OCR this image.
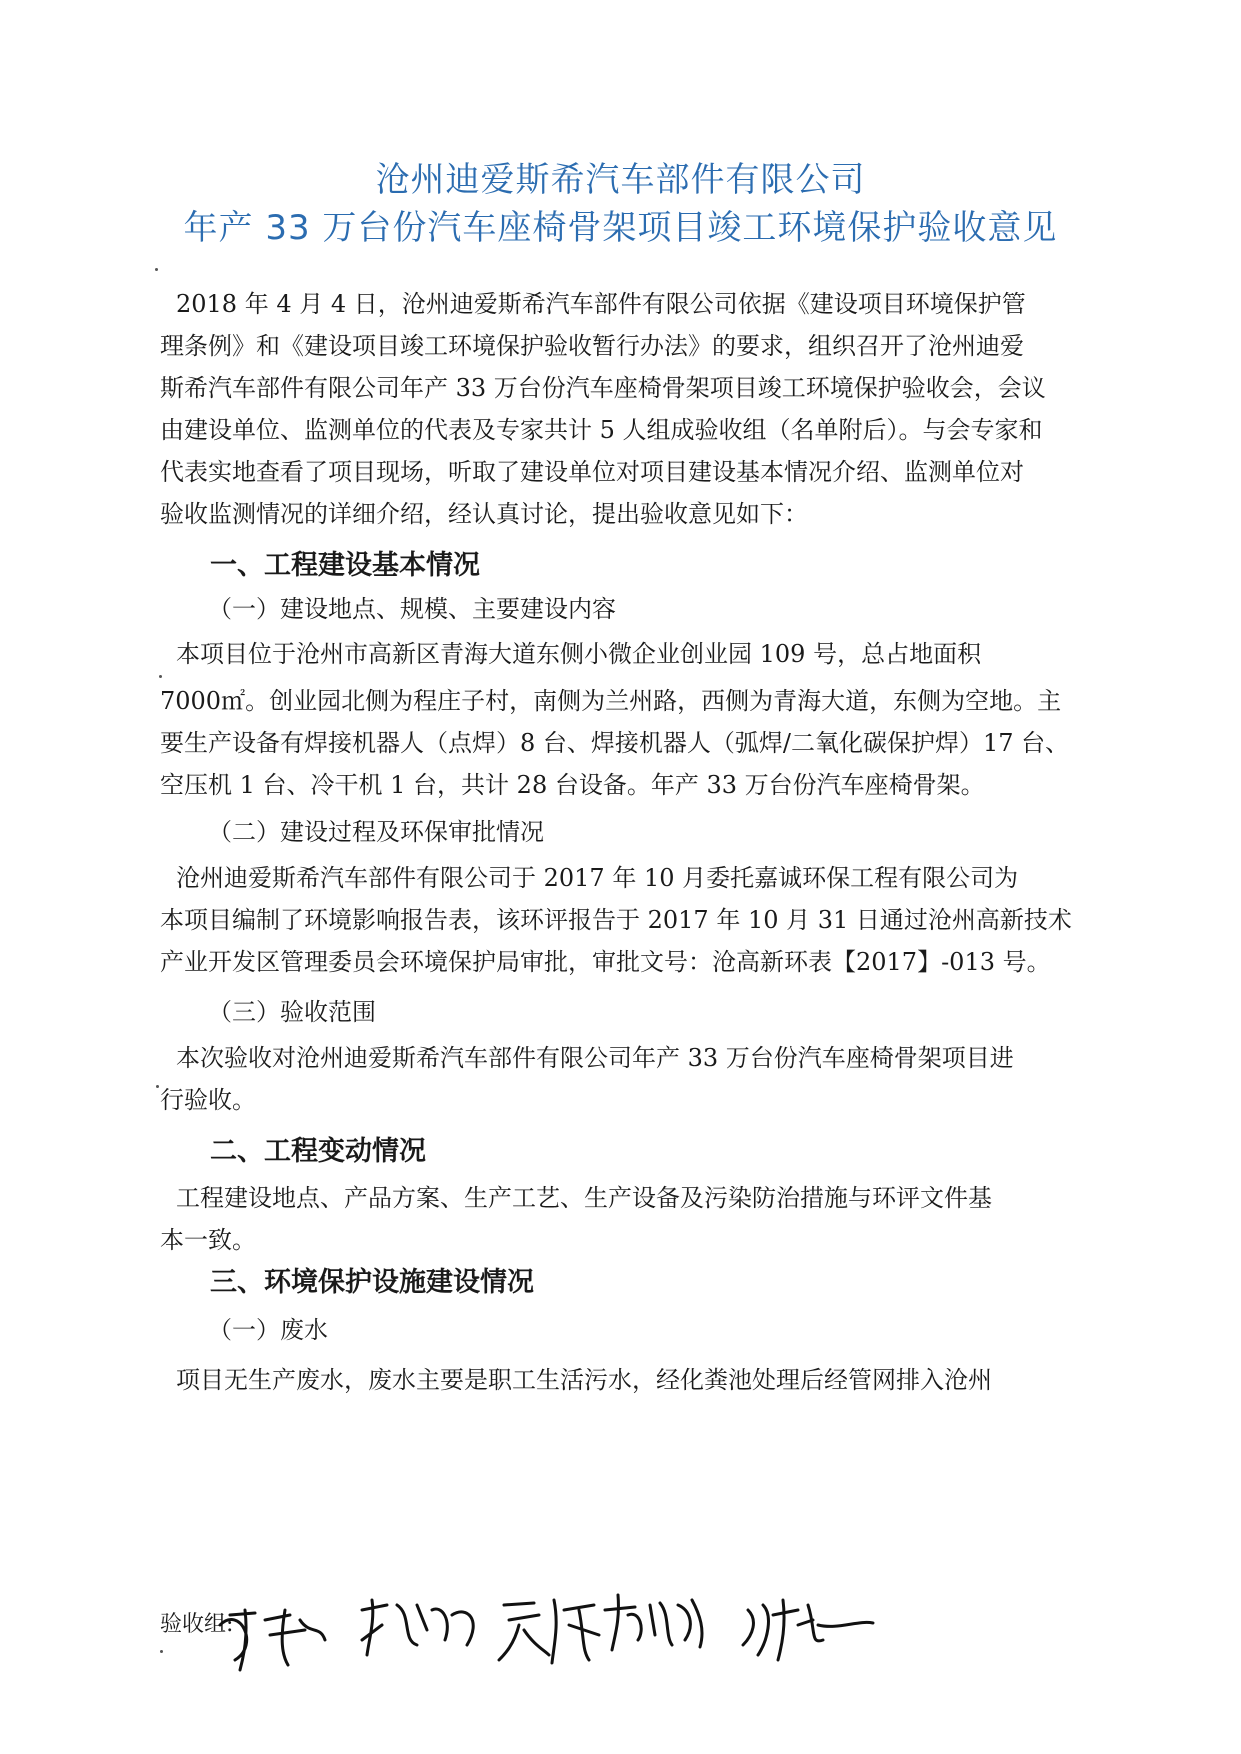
沧州迪爱斯希汽车部件有限公司
年产 33 万台份汽车座椅骨架项目竣工环境保护验收意见
2018 年 4 月 4 日，沧州迪爱斯希汽车部件有限公司依据《建设项目环境保护管
理条例》和《建设项目竣工环境保护验收暂行办法》的要求，组织召开了沧州迪爱
斯希汽车部件有限公司年产 33 万台份汽车座椅骨架项目竣工环境保护验收会，会议
由建设单位、监测单位的代表及专家共计 5 人组成验收组（名单附后）。与会专家和
代表实地查看了项目现场，听取了建设单位对项目建设基本情况介绍、监测单位对
验收监测情况的详细介绍，经认真讨论，提出验收意见如下：
一、工程建设基本情况
（一）建设地点、规模、主要建设内容
本项目位于沧州市高新区青海大道东侧小微企业创业园 109 号，总占地面积
7000㎡。创业园北侧为程庄子村，南侧为兰州路，西侧为青海大道，东侧为空地。主
要生产设备有焊接机器人（点焊）8 台、焊接机器人（弧焊/二氧化碳保护焊）17 台、
空压机 1 台、冷干机 1 台，共计 28 台设备。年产 33 万台份汽车座椅骨架。
（二）建设过程及环保审批情况
沧州迪爱斯希汽车部件有限公司于 2017 年 10 月委托嘉诚环保工程有限公司为
本项目编制了环境影响报告表，该环评报告于 2017 年 10 月 31 日通过沧州高新技术
产业开发区管理委员会环境保护局审批，审批文号：沧高新环表【2017】-013 号。
（三）验收范围
本次验收对沧州迪爱斯希汽车部件有限公司年产 33 万台份汽车座椅骨架项目进
行验收。
二、工程变动情况
工程建设地点、产品方案、生产工艺、生产设备及污染防治措施与环评文件基
本一致。
三、环境保护设施建设情况
（一）废水
项目无生产废水，废水主要是职工生活污水，经化粪池处理后经管网排入沧州
验收组:
